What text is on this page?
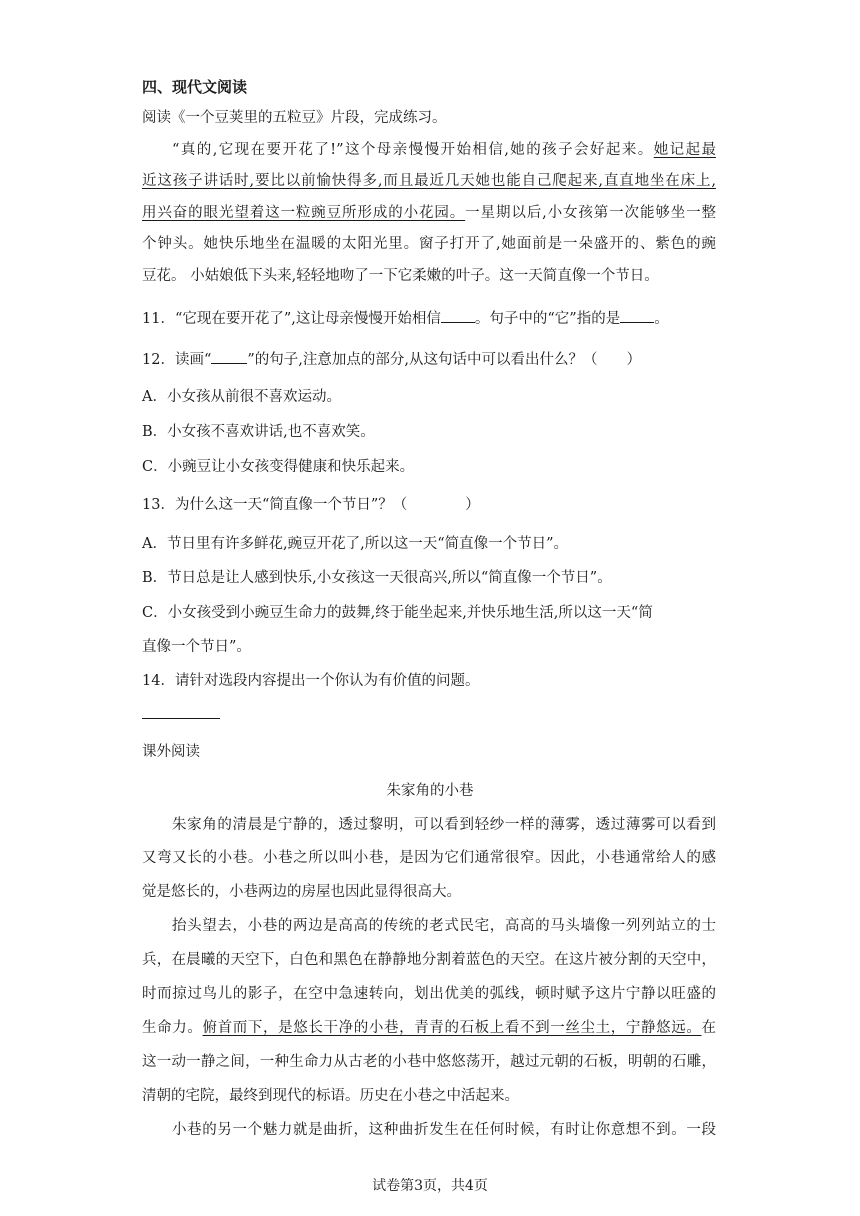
四、现代文阅读
阅读《一个豆荚里的五粒豆》片段，完成练习。
“真的,它现在要开花了!”这个母亲慢慢开始相信,她的孩子会好起来。她记起最
近这孩子讲话时,要比以前愉快得多,而且最近几天她也能自己爬起来,直直地坐在床上,
用兴奋的眼光望着这一粒豌豆所形成的小花园。一星期以后,小女孩第一次能够坐一整
个钟头。她快乐地坐在温暖的太阳光里。窗子打开了,她面前是一朵盛开的、紫色的豌
豆花。 小姑娘低下头来,轻轻地吻了一下它柔嫩的叶子。这一天简直像一个节日。
11．“它现在要开花了”,这让母亲慢慢开始相信 。句子中的“它”指的是 。
12．读画“ ”的句子,注意加点的部分,从这句话中可以看出什么？（　　）
A．小女孩从前很不喜欢运动。
B．小女孩不喜欢讲话,也不喜欢笑。
C．小豌豆让小女孩变得健康和快乐起来。
13．为什么这一天“简直像一个节日”？（　　　　）
A．节日里有许多鲜花,豌豆开花了,所以这一天“简直像一个节日”。
B．节日总是让人感到快乐,小女孩这一天很高兴,所以“简直像一个节日”。
C．小女孩受到小豌豆生命力的鼓舞,终于能坐起来,并快乐地生活,所以这一天“简
直像一个节日”。
14．请针对选段内容提出一个你认为有价值的问题。
课外阅读
朱家角的小巷
朱家角的清晨是宁静的，透过黎明，可以看到轻纱一样的薄雾，透过薄雾可以看到
又弯又长的小巷。小巷之所以叫小巷，是因为它们通常很窄。因此，小巷通常给人的感
觉是悠长的，小巷两边的房屋也因此显得很高大。
抬头望去，小巷的两边是高高的传统的老式民宅，高高的马头墙像一列列站立的士
兵，在晨曦的天空下，白色和黑色在静静地分割着蓝色的天空。在这片被分割的天空中，
时而掠过鸟儿的影子，在空中急速转向，划出优美的弧线，顿时赋予这片宁静以旺盛的
生命力。俯首而下，是悠长干净的小巷，青青的石板上看不到一丝尘土，宁静悠远。在
这一动一静之间，一种生命力从古老的小巷中悠悠荡开，越过元朝的石板，明朝的石雕，
清朝的宅院，最终到现代的标语。历史在小巷之中活起来。
小巷的另一个魅力就是曲折，这种曲折发生在任何时候，有时让你意想不到。一段
试卷第3页，共4页
